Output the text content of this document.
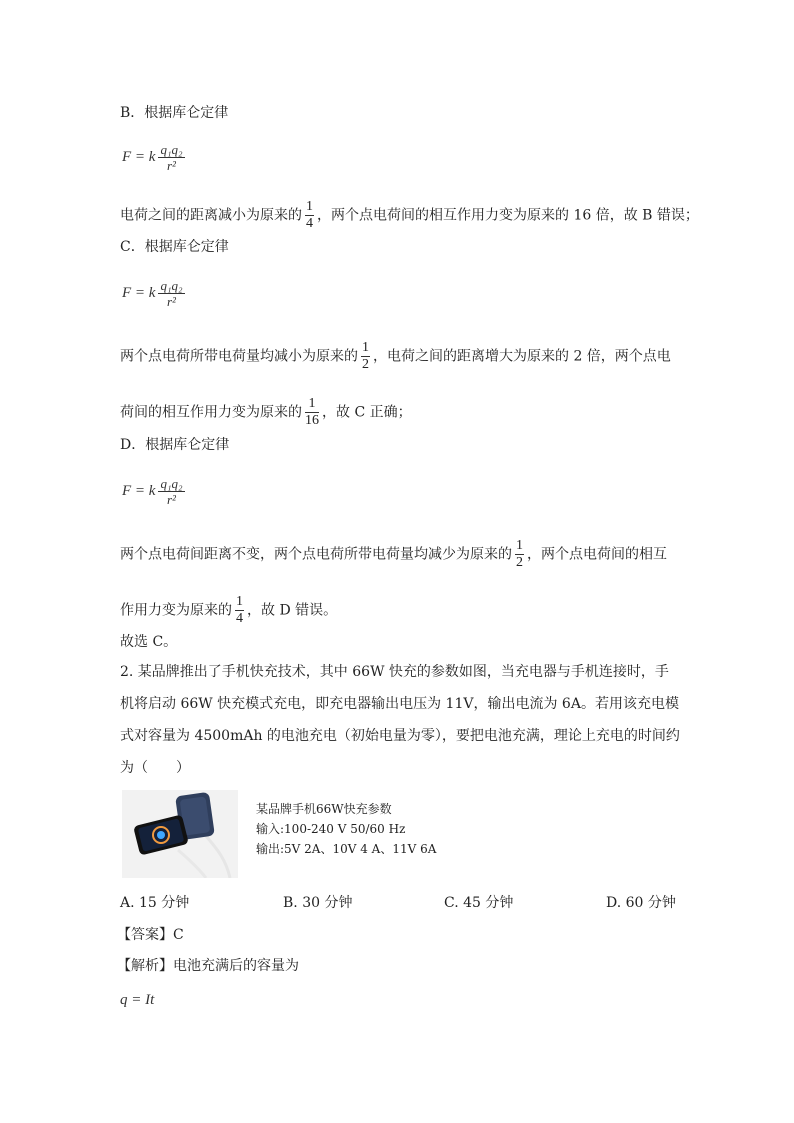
B．根据库仑定律
F = k $\frac{\text{q₁q₂}}{\text{r²}}$
电荷之间的距离减小为原来的 $\frac{1}{4}$ ，两个点电荷间的相互作用力变为原来的 16 倍，故 B 错误；
C．根据库仑定律
F = k $\frac{\text{q₁q₂}}{\text{r²}}$
两个点电荷所带电荷量均减小为原来的 $\frac{1}{2}$ ，电荷之间的距离增大为原来的 2 倍，两个点电
荷间的相互作用力变为原来的 $\frac{1}{16}$ ，故 C 正确；
D．根据库仑定律
F = k $\frac{\text{q₁q₂}}{\text{r²}}$
两个点电荷间距离不变，两个点电荷所带电荷量均减少为原来的 $\frac{1}{2}$ ，两个点电荷间的相互
作用力变为原来的 $\frac{1}{4}$ ，故 D 错误。
故选 C。
2. 某品牌推出了手机快充技术，其中 66W 快充的参数如图，当充电器与手机连接时，手
机将启动 66W 快充模式充电，即充电器输出电压为 11V，输出电流为 6A。若用该充电模
式对容量为 4500mAh 的电池充电（初始电量为零），要把电池充满，理论上充电的时间约
为（　　）
某品牌手机66W快充参数
输入:100-240 V 50/60 Hz
输出:5V 2A、10V 4 A、11V 6A
A. 15 分钟	B. 30 分钟	C. 45 分钟	D. 60 分钟
【答案】C
【解析】电池充满后的容量为
q = It
